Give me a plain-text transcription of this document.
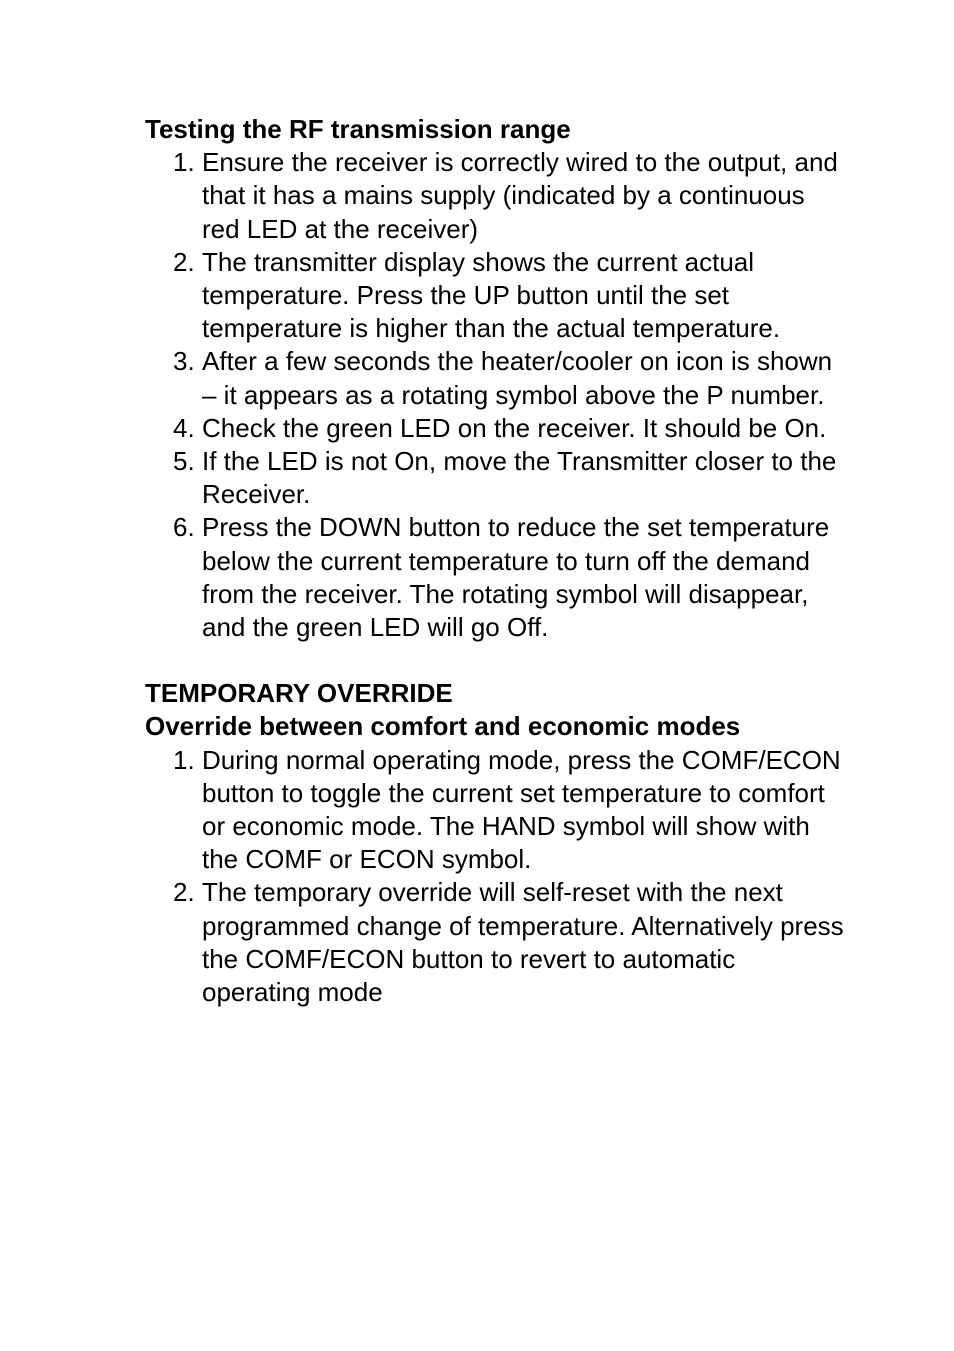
Testing the RF transmission range
1. Ensure the receiver is correctly wired to the output, and that it has a mains supply (indicated by a continuous red LED at the receiver)
2. The transmitter display shows the current actual temperature. Press the UP button until the set temperature is higher than the actual temperature.
3. After a few seconds the heater/cooler on icon is shown – it appears as a rotating symbol above the P number.
4. Check the green LED on the receiver. It should be On.
5. If the LED is not On, move the Transmitter closer to the Receiver.
6. Press the DOWN button to reduce the set temperature below the current temperature to turn off the demand from the receiver. The rotating symbol will disappear, and the green LED will go Off.
TEMPORARY OVERRIDE
Override between comfort and economic modes
1. During normal operating mode, press the COMF/ECON button to toggle the current set temperature to comfort or economic mode. The HAND symbol will show with the COMF or ECON symbol.
2. The temporary override will self-reset with the next programmed change of temperature. Alternatively press the COMF/ECON button to revert to automatic operating mode
